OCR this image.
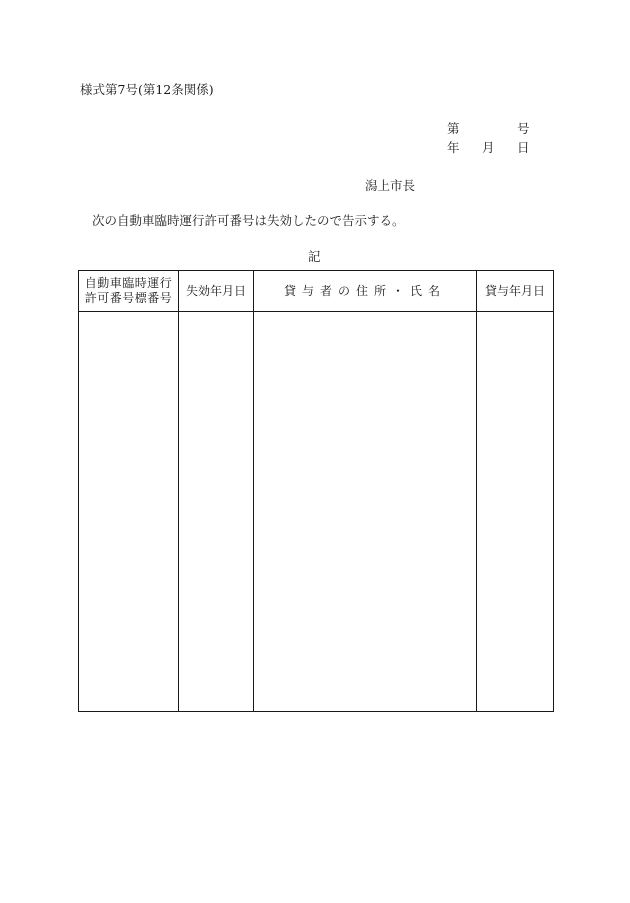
様式第7号(第12条関係)
第	号
年 月 日
潟上市長
次の自動車臨時運行許可番号は失効したので告示する。
記
自動車臨時運行
許可番号標番号	失効年月日	貸与者の住所・氏名	貸与年月日
